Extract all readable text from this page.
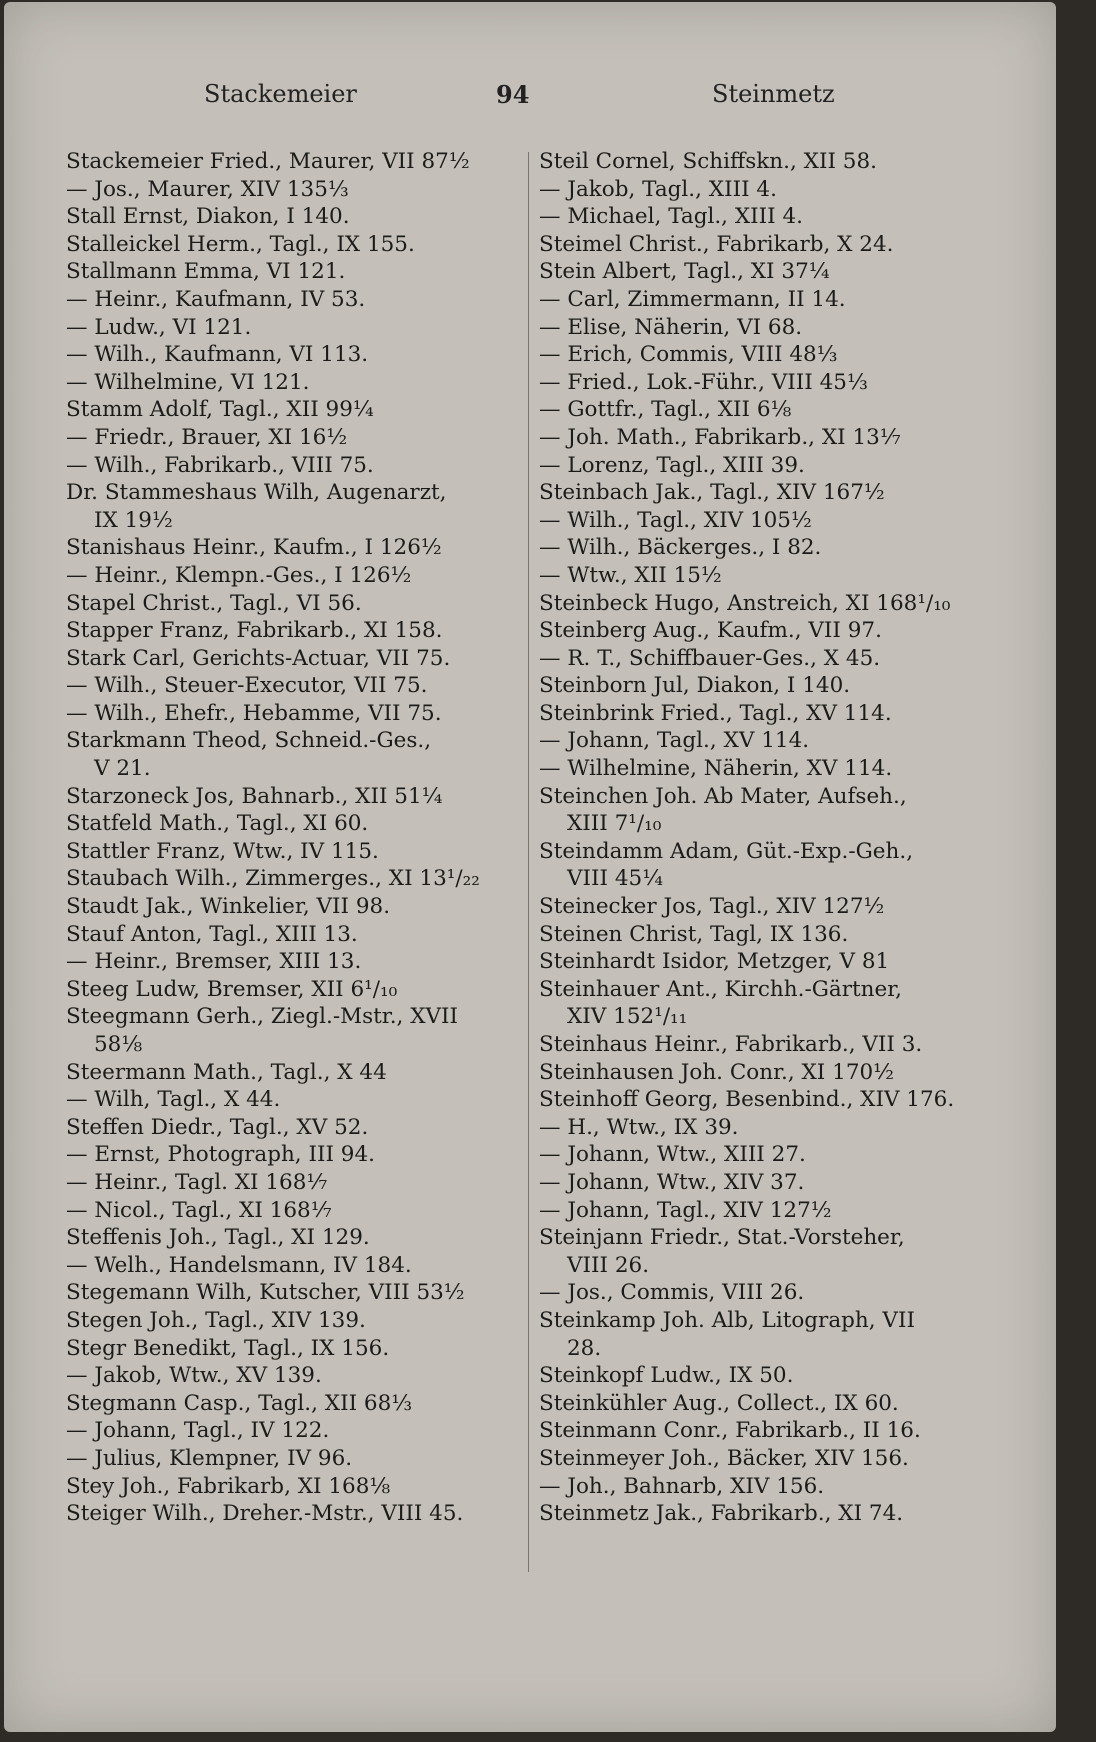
Stackemeier	94	Steinmetz
Stackemeier Fried., Maurer, VII 87½
— Jos., Maurer, XIV 135⅓
Stall Ernst, Diakon, I 140.
Stalleickel Herm., Tagl., IX 155.
Stallmann Emma, VI 121.
— Heinr., Kaufmann, IV 53.
— Ludw., VI 121.
— Wilh., Kaufmann, VI 113.
— Wilhelmine, VI 121.
Stamm Adolf, Tagl., XII 99¼
— Friedr., Brauer, XI 16½
— Wilh., Fabrikarb., VIII 75.
Dr. Stammeshaus Wilh, Augenarzt,
IX 19½
Stanishaus Heinr., Kaufm., I 126½
— Heinr., Klempn.-Ges., I 126½
Stapel Christ., Tagl., VI 56.
Stapper Franz, Fabrikarb., XI 158.
Stark Carl, Gerichts-Actuar, VII 75.
— Wilh., Steuer-Executor, VII 75.
— Wilh., Ehefr., Hebamme, VII 75.
Starkmann Theod, Schneid.-Ges.,
V 21.
Starzoneck Jos, Bahnarb., XII 51¼
Statfeld Math., Tagl., XI 60.
Stattler Franz, Wtw., IV 115.
Staubach Wilh., Zimmerges., XI 13¹/₂₂
Staudt Jak., Winkelier, VII 98.
Stauf Anton, Tagl., XIII 13.
— Heinr., Bremser, XIII 13.
Steeg Ludw, Bremser, XII 6¹/₁₀
Steegmann Gerh., Ziegl.-Mstr., XVII
58⅛
Steermann Math., Tagl., X 44
— Wilh, Tagl., X 44.
Steffen Diedr., Tagl., XV 52.
— Ernst, Photograph, III 94.
— Heinr., Tagl. XI 168⅐
— Nicol., Tagl., XI 168⅐
Steffenis Joh., Tagl., XI 129.
— Welh., Handelsmann, IV 184.
Stegemann Wilh, Kutscher, VIII 53½
Stegen Joh., Tagl., XIV 139.
Stegr Benedikt, Tagl., IX 156.
— Jakob, Wtw., XV 139.
Stegmann Casp., Tagl., XII 68⅓
— Johann, Tagl., IV 122.
— Julius, Klempner, IV 96.
Stey Joh., Fabrikarb, XI 168⅛
Steiger Wilh., Dreher.-Mstr., VIII 45.
Steil Cornel, Schiffskn., XII 58.
— Jakob, Tagl., XIII 4.
— Michael, Tagl., XIII 4.
Steimel Christ., Fabrikarb, X 24.
Stein Albert, Tagl., XI 37¼
— Carl, Zimmermann, II 14.
— Elise, Näherin, VI 68.
— Erich, Commis, VIII 48⅓
— Fried., Lok.-Führ., VIII 45⅓
— Gottfr., Tagl., XII 6⅛
— Joh. Math., Fabrikarb., XI 13⅐
— Lorenz, Tagl., XIII 39.
Steinbach Jak., Tagl., XIV 167½
— Wilh., Tagl., XIV 105½
— Wilh., Bäckerges., I 82.
— Wtw., XII 15½
Steinbeck Hugo, Anstreich, XI 168¹/₁₀
Steinberg Aug., Kaufm., VII 97.
— R. T., Schiffbauer-Ges., X 45.
Steinborn Jul, Diakon, I 140.
Steinbrink Fried., Tagl., XV 114.
— Johann, Tagl., XV 114.
— Wilhelmine, Näherin, XV 114.
Steinchen Joh. Ab Mater, Aufseh.,
XIII 7¹/₁₀
Steindamm Adam, Güt.-Exp.-Geh.,
VIII 45¼
Steinecker Jos, Tagl., XIV 127½
Steinen Christ, Tagl, IX 136.
Steinhardt Isidor, Metzger, V 81
Steinhauer Ant., Kirchh.-Gärtner,
XIV 152¹/₁₁
Steinhaus Heinr., Fabrikarb., VII 3.
Steinhausen Joh. Conr., XI 170½
Steinhoff Georg, Besenbind., XIV 176.
— H., Wtw., IX 39.
— Johann, Wtw., XIII 27.
— Johann, Wtw., XIV 37.
— Johann, Tagl., XIV 127½
Steinjann Friedr., Stat.-Vorsteher,
VIII 26.
— Jos., Commis, VIII 26.
Steinkamp Joh. Alb, Litograph, VII
28.
Steinkopf Ludw., IX 50.
Steinkühler Aug., Collect., IX 60.
Steinmann Conr., Fabrikarb., II 16.
Steinmeyer Joh., Bäcker, XIV 156.
— Joh., Bahnarb, XIV 156.
Steinmetz Jak., Fabrikarb., XI 74.
